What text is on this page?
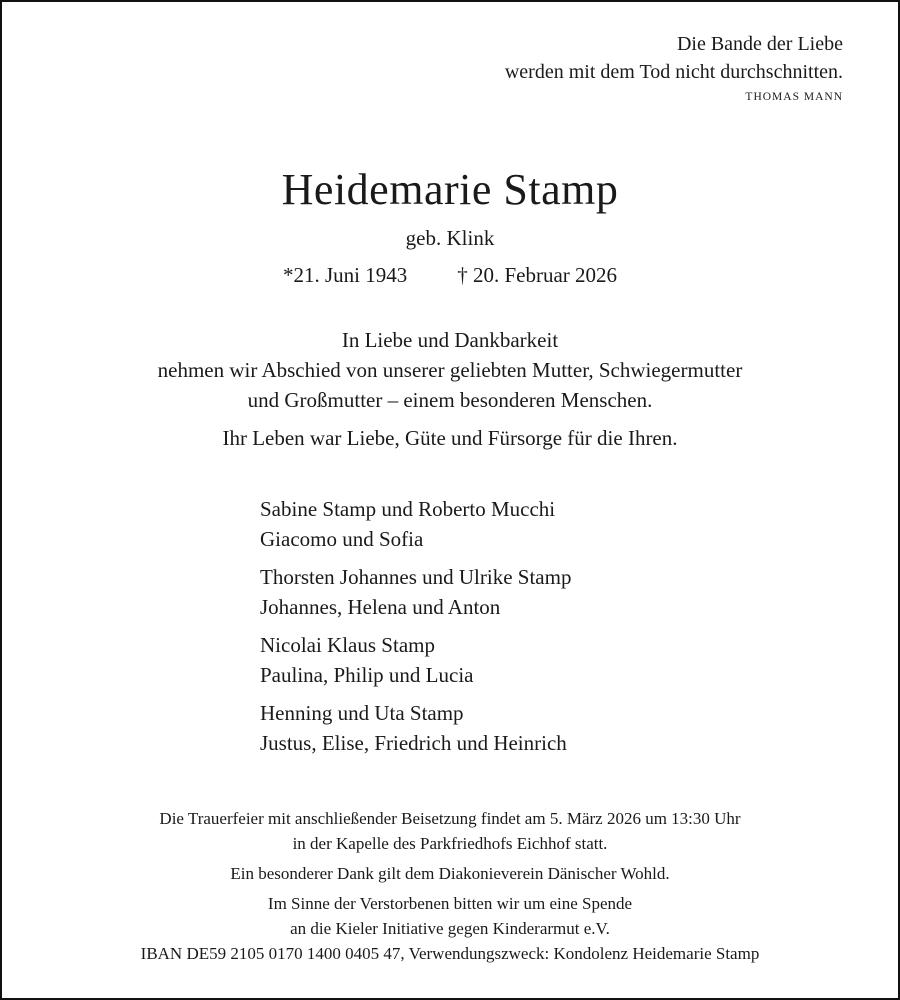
Die Bande der Liebe
werden mit dem Tod nicht durchschnitten.
THOMAS MANN
Heidemarie Stamp
geb. Klink
*21. Juni 1943 † 20. Februar 2026
In Liebe und Dankbarkeit
nehmen wir Abschied von unserer geliebten Mutter, Schwiegermutter
und Großmutter – einem besonderen Menschen.
Ihr Leben war Liebe, Güte und Fürsorge für die Ihren.
Sabine Stamp und Roberto Mucchi
Giacomo und Sofia
Thorsten Johannes und Ulrike Stamp
Johannes, Helena und Anton
Nicolai Klaus Stamp
Paulina, Philip und Lucia
Henning und Uta Stamp
Justus, Elise, Friedrich und Heinrich
Die Trauerfeier mit anschließender Beisetzung findet am 5. März 2026 um 13:30 Uhr
in der Kapelle des Parkfriedhofs Eichhof statt.
Ein besonderer Dank gilt dem Diakonieverein Dänischer Wohld.
Im Sinne der Verstorbenen bitten wir um eine Spende
an die Kieler Initiative gegen Kinderarmut e.V.
IBAN DE59 2105 0170 1400 0405 47, Verwendungszweck: Kondolenz Heidemarie Stamp
